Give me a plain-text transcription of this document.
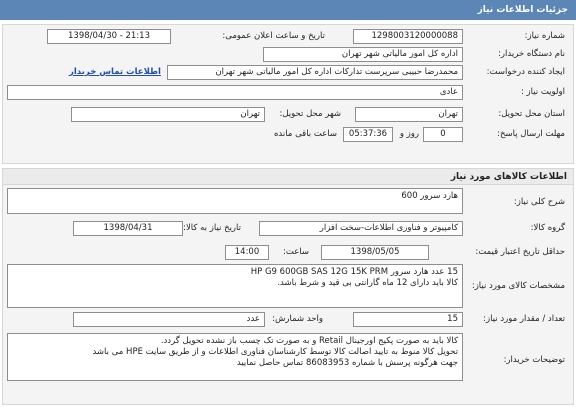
جزئیات اطلاعات نیاز
شماره نیاز:
1298003120000088
تاریخ و ساعت اعلان عمومی:
1398/04/30 - 21:13
نام دستگاه خریدار:
اداره کل امور مالیاتی شهر تهران
ایجاد کننده درخواست:
محمدرضا حبیبی سرپرست تدارکات اداره کل امور مالیاتی شهر تهران
اطلاعات تماس خریدار
اولویت نیاز :
عادی
استان محل تحویل:
تهران
شهر محل تحویل:
تهران
مهلت ارسال پاسخ:
0
روز و
05:37:36
ساعت باقی مانده
اطلاعات کالاهای مورد نیاز
شرح کلی نیاز:
هارد سرور 600
گروه کالا:
کامپیوتر و فناوری اطلاعات-سخت افزار
تاریخ نیاز به کالا:
1398/04/31
حداقل تاریخ اعتبار قیمت:
1398/05/05
ساعت:
14:00
مشخصات کالای مورد نیاز:
15 عدد هارد سرور HP G9 600GB SAS 12G 15K PRM
کالا باید دارای 12 ماه گارانتی بی قید و شرط باشد.
تعداد / مقدار مورد نیاز:
15
واحد شمارش:
عدد
توضیحات خریدار:
کالا باید به صورت پکیج اورجینال Retail و به صورت تک چسب باز نشده تحویل گردد.
تحویل کالا منوط به تایید اصالت کالا توسط کارشناسان فناوری اطلاعات و از طریق سایت HPE می باشد
جهت هرگونه پرسش با شماره 86083953 تماس حاصل نمایید
